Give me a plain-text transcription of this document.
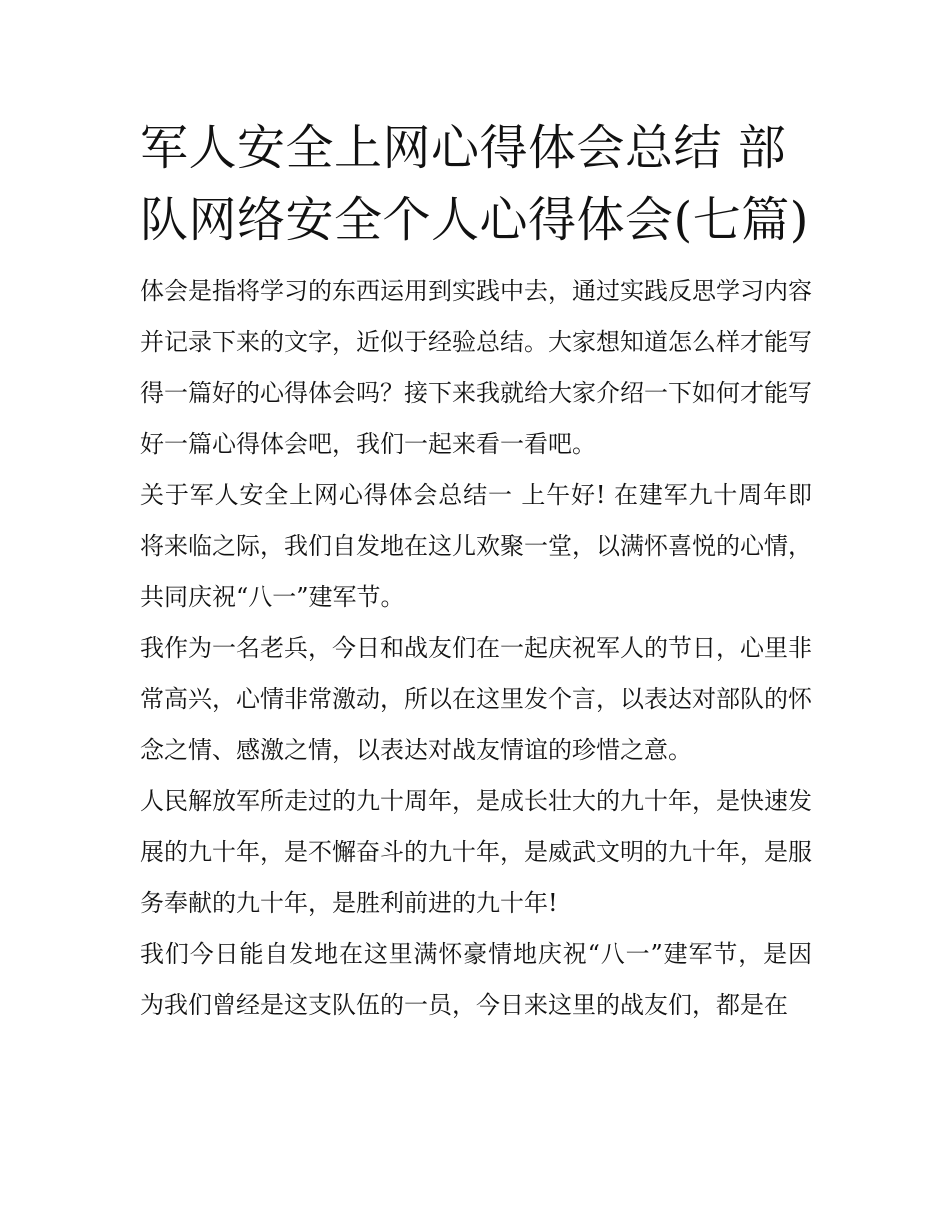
军人安全上网心得体会总结 部队网络安全个人心得体会(七篇)

体会是指将学习的东西运用到实践中去，通过实践反思学习内容并记录下来的文字，近似于经验总结。大家想知道怎么样才能写得一篇好的心得体会吗？接下来我就给大家介绍一下如何才能写好一篇心得体会吧，我们一起来看一看吧。

关于军人安全上网心得体会总结一 上午好! 在建军九十周年即将来临之际，我们自发地在这儿欢聚一堂，以满怀喜悦的心情，共同庆祝“八一”建军节。

我作为一名老兵，今日和战友们在一起庆祝军人的节日，心里非常高兴，心情非常激动，所以在这里发个言，以表达对部队的怀念之情、感激之情，以表达对战友情谊的珍惜之意。

人民解放军所走过的九十周年，是成长壮大的九十年，是快速发展的九十年，是不懈奋斗的九十年，是威武文明的九十年，是服务奉献的九十年，是胜利前进的九十年!

我们今日能自发地在这里满怀豪情地庆祝“八一”建军节，是因为我们曾经是这支队伍的一员，今日来这里的战友们，都是在
